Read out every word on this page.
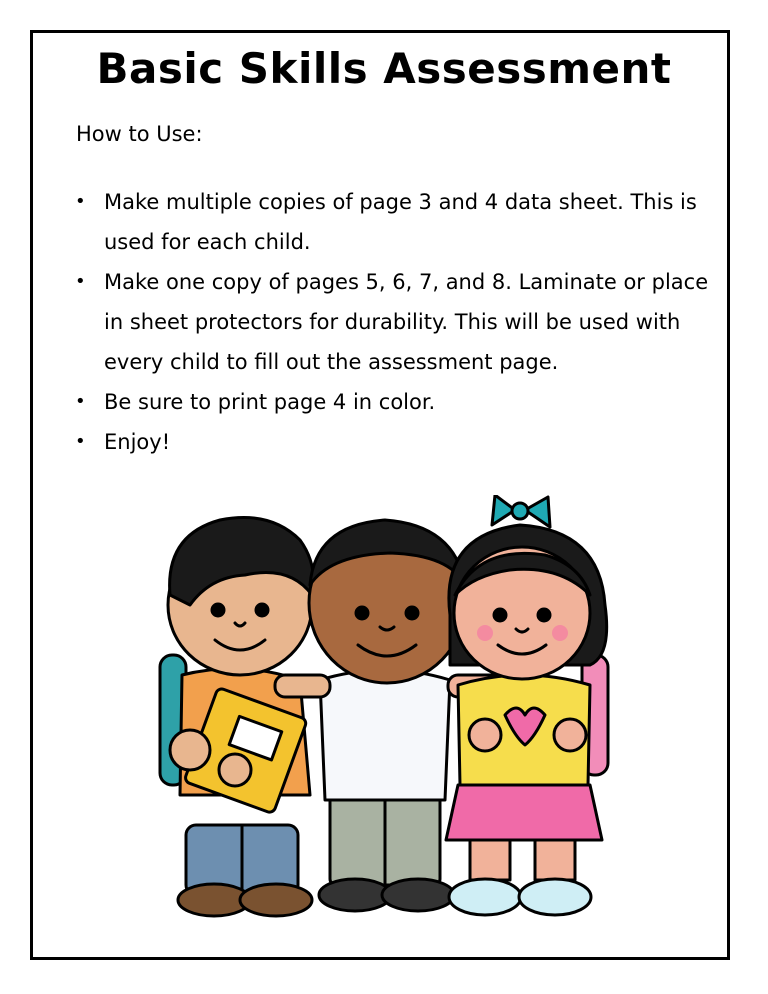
Basic Skills Assessment
How to Use:
• Make multiple copies of page 3 and 4 data sheet. This is used for each child.
• Make one copy of pages 5, 6, 7, and 8. Laminate or place in sheet protectors for durability. This will be used with every child to fill out the assessment page.
• Be sure to print page 4 in color.
• Enjoy!
